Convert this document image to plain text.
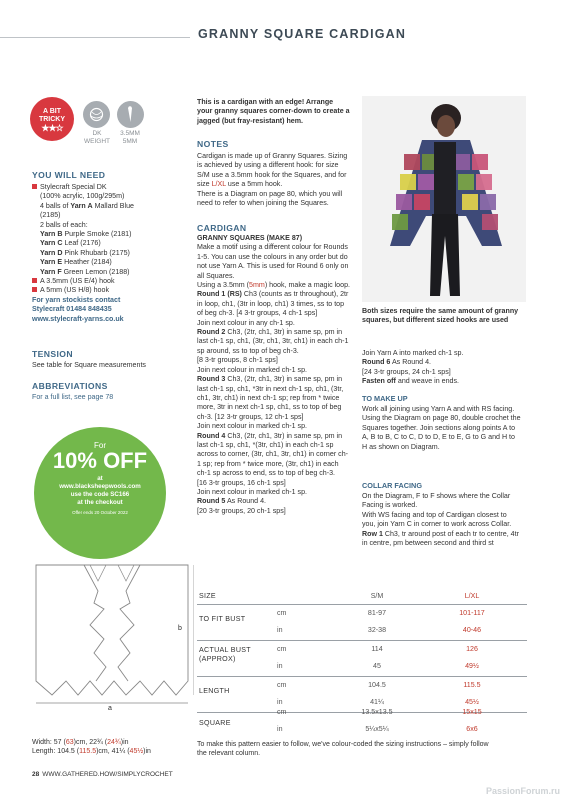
GRANNY SQUARE CARDIGAN
A BIT
TRICKY
★★☆
DK
WEIGHT
3.5MM
5MM
YOU WILL NEED
Stylecraft Special DK
(100% acrylic, 100g/295m)
4 balls of Yarn A Mallard Blue
(2185)
2 balls of each:
Yarn B Purple Smoke (2181)
Yarn C Leaf (2176)
Yarn D Pink Rhubarb (2175)
Yarn E Heather (2184)
Yarn F Green Lemon (2188)
A 3.5mm (US E/4) hook
A 5mm (US H/8) hook
For yarn stockists contact
Stylecraft 01484 848435
www.stylecraft-yarns.co.uk
TENSION
See table for Square measurements
ABBREVIATIONS
For a full list, see page 78
For
10% OFF
at
www.blacksheepwools.com
use the code SC166
at the checkout
Offer ends 20 October 2022
This is a cardigan with an edge! Arrange your granny squares corner-down to create a jagged (but fray-resistant) hem.
NOTES

Cardigan is made up of Granny Squares. Sizing is achieved by using a different hook: for size S/M use a 3.5mm hook for the Squares, and for size L/XL use a 5mm hook.

There is a Diagram on page 80, which you will need to refer to when joining the Squares.

CARDIGAN

GRANNY SQUARES (MAKE 87)

Make a motif using a different colour for Rounds 1-5. You can use the colours in any order but do not use Yarn A. This is used for Round 6 only on all Squares.

Using a 3.5mm (5mm) hook, make a magic loop.

Round 1 (RS) Ch3 (counts as tr throughout), 2tr in loop, ch1, (3tr in loop, ch1) 3 times, ss to top of beg ch-3. [4 3-tr groups, 4 ch-1 sps]

Join next colour in any ch-1 sp.

Round 2 Ch3, (2tr, ch1, 3tr) in same sp, pm in last ch-1 sp, ch1, (3tr, ch1, 3tr, ch1) in each ch-1 sp around, ss to top of beg ch-3.

[8 3-tr groups, 8 ch-1 sps]

Join next colour in marked ch-1 sp.

Round 3 Ch3, (2tr, ch1, 3tr) in same sp, pm in last ch-1 sp, ch1, *3tr in next ch-1 sp, ch1, (3tr, ch1, 3tr, ch1) in next ch-1 sp; rep from * twice more, 3tr in next ch-1 sp, ch1, ss to top of beg ch-3. [12 3-tr groups, 12 ch-1 sps]

Join next colour in marked ch-1 sp.

Round 4 Ch3, (2tr, ch1, 3tr) in same sp, pm in last ch-1 sp, ch1, *(3tr, ch1) in each ch-1 sp across to corner, (3tr, ch1, 3tr, ch1) in corner ch-1 sp; rep from * twice more, (3tr, ch1) in each ch-1 sp across to end, ss to top of beg ch-3.

[16 3-tr groups, 16 ch-1 sps]

Join next colour in marked ch-1 sp.

Round 5 As Round 4.

[20 3-tr groups, 20 ch-1 sps]

Both sizes require the same amount of granny squares, but different sized hooks are used

Join Yarn A into marked ch-1 sp.

Round 6 As Round 4.

[24 3-tr groups, 24 ch-1 sps]

Fasten off and weave in ends.

TO MAKE UP

Work all joining using Yarn A and with RS facing.

Using the Diagram on page 80, double crochet the Squares together. Join sections along points A to A, B to B, C to C, D to D, E to E, G to G and H to H as shown on Diagram.

COLLAR FACING

On the Diagram, F to F shows where the Collar Facing is worked.

With WS facing and top of Cardigan closest to you, join Yarn C in corner to work across Collar.

Row 1 Ch3, tr around post of each tr to centre, 4tr in centre, pm between second and third st

a
b
Width: 57 (63)cm, 22¾ (24¾)in
Length: 104.5 (115.5)cm, 41¼ (45½)in
SIZE	S/M	L/XL
TO FIT BUST
cm	81-97	101-117
in	32-38	40-46
ACTUAL BUST
(APPROX)
cm	114	126
in	45	49½
LENGTH
cm	104.5	115.5
in	41¼	45½
SQUARE
cm	13.5x13.5	15x15
in	5¼x5¼	6x6
To make this pattern easier to follow, we've colour-coded the sizing instructions – simply follow the relevant column.
28 WWW.GATHERED.HOW/SIMPLYCROCHET
PassionForum.ru
